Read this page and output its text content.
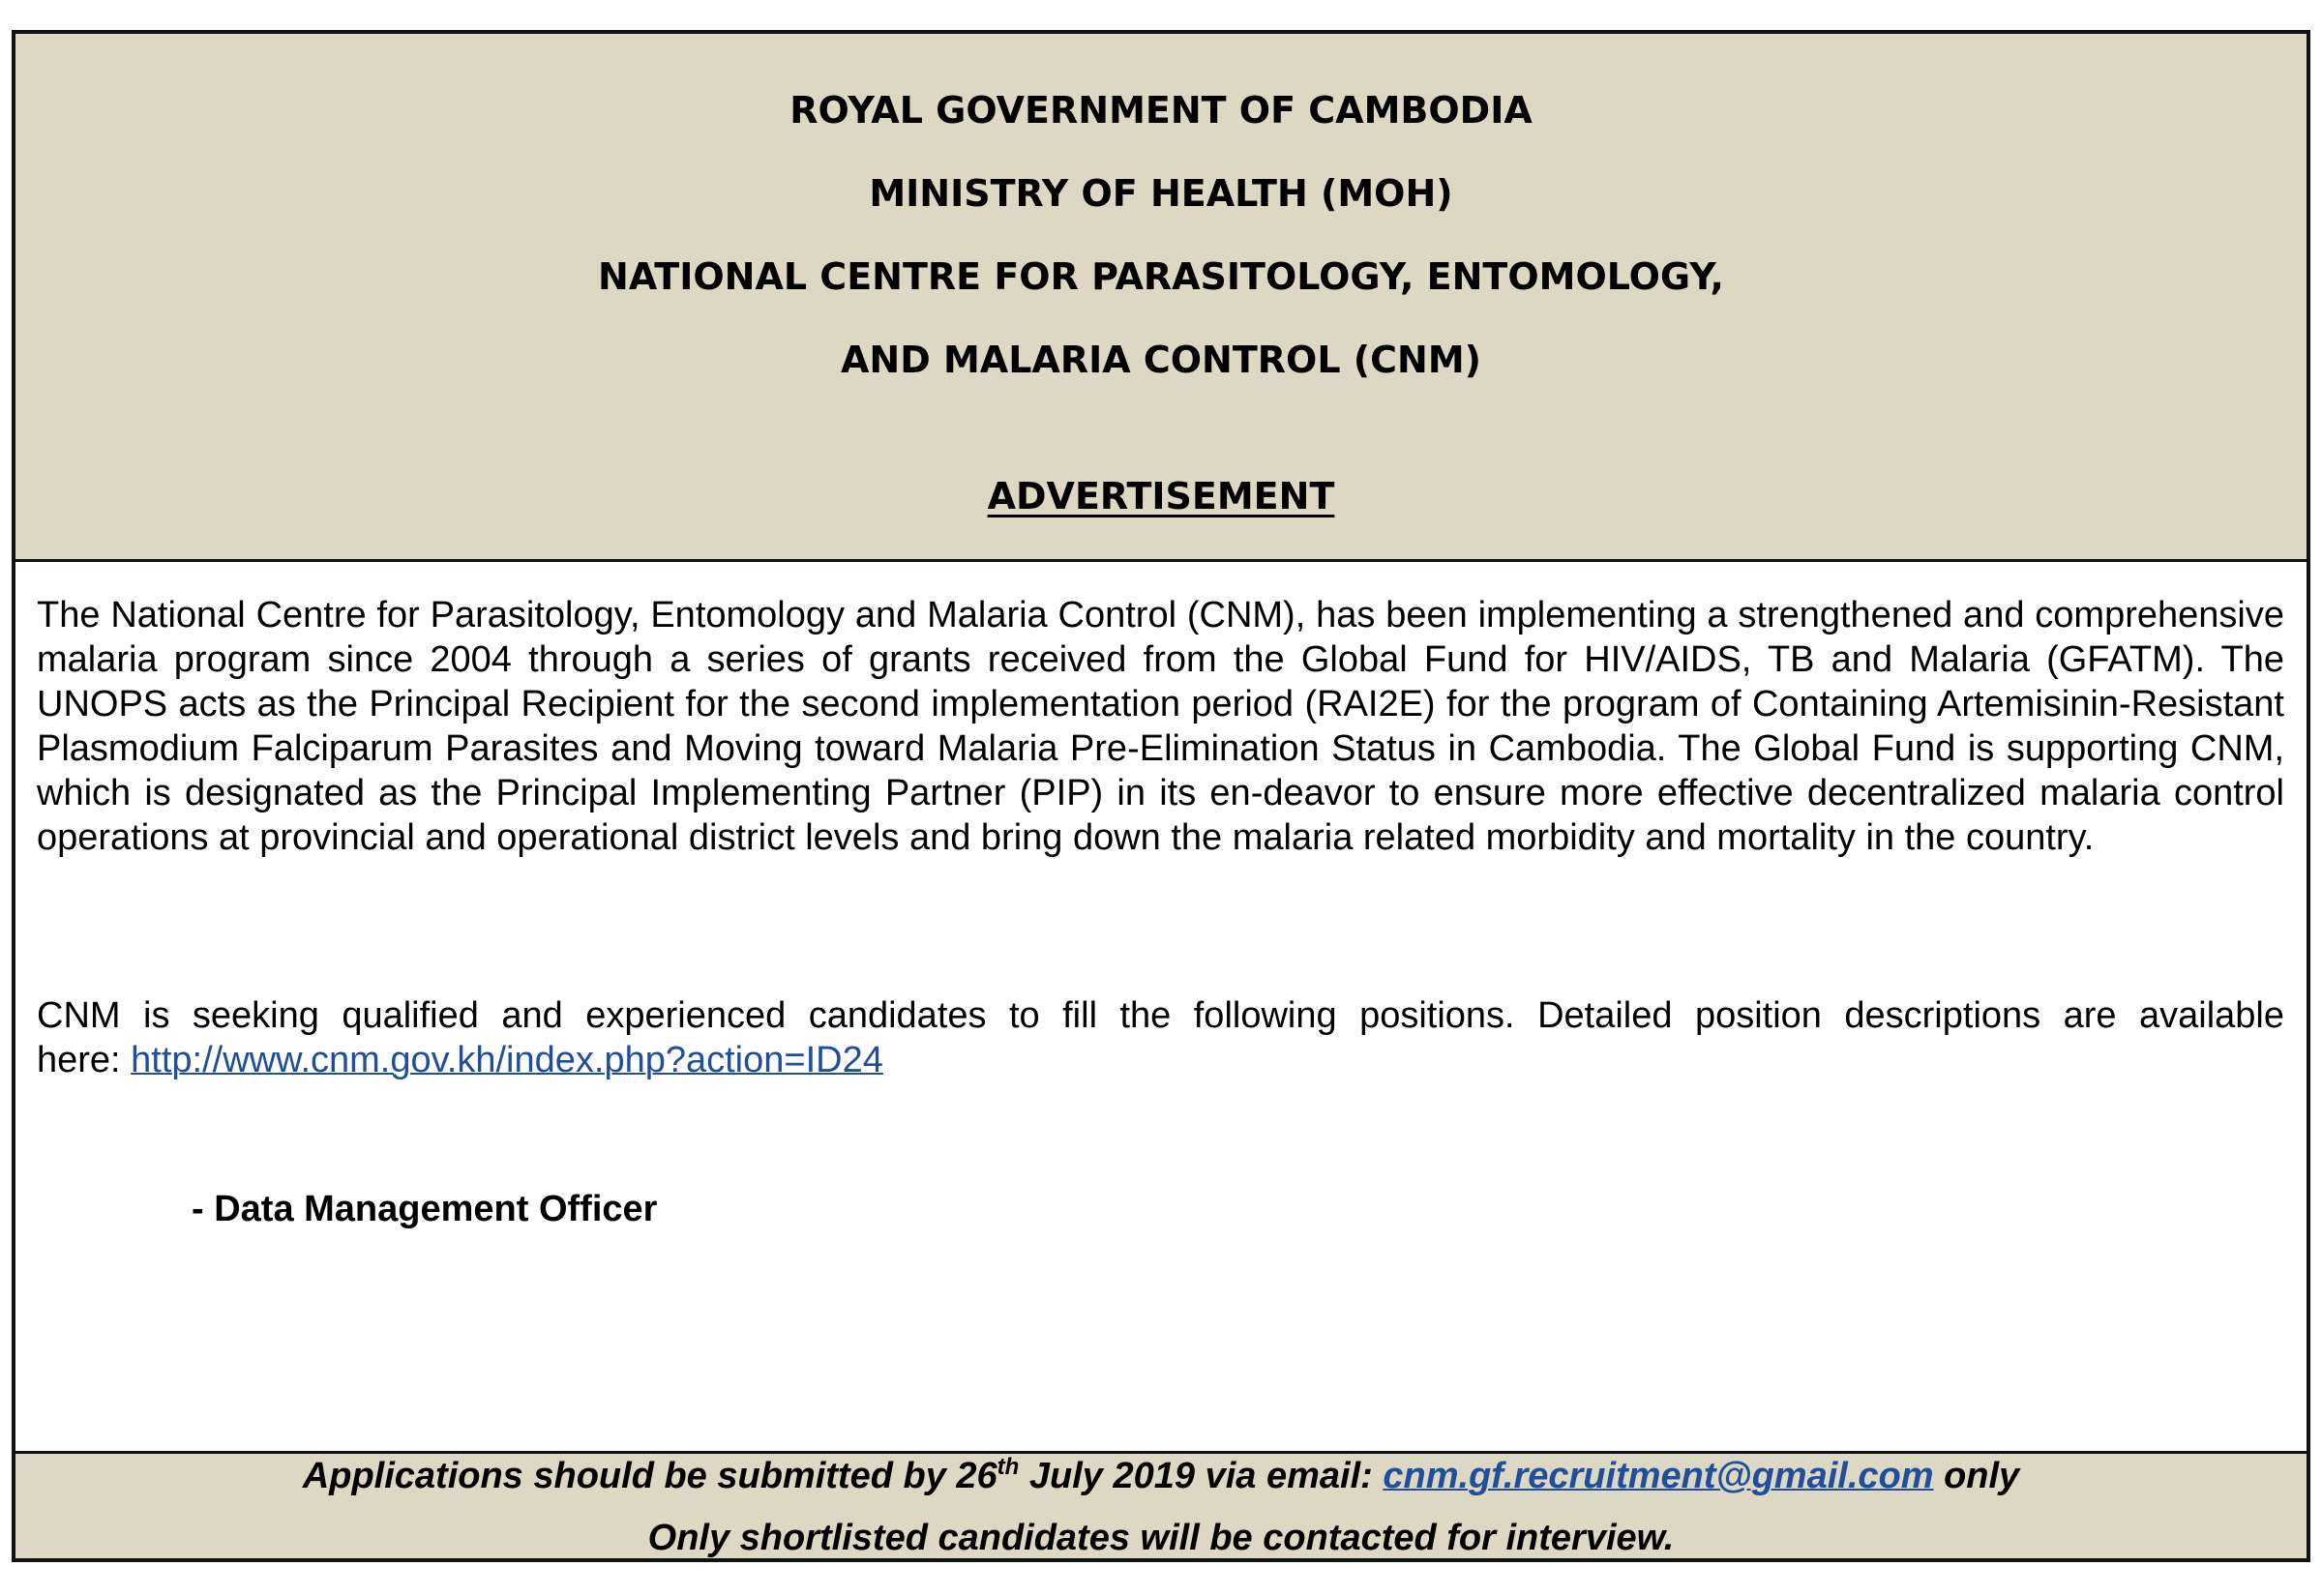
ROYAL GOVERNMENT OF CAMBODIA
MINISTRY OF HEALTH (MOH)
NATIONAL CENTRE FOR PARASITOLOGY, ENTOMOLOGY,
AND MALARIA CONTROL (CNM)
ADVERTISEMENT

The National Centre for Parasitology, Entomology and Malaria Control (CNM), has been implementing a strengthened and comprehensive malaria program since 2004 through a series of grants received from the Global Fund for HIV/AIDS, TB and Malaria (GFATM). The UNOPS acts as the Principal Recipient for the second implementation period (RAI2E) for the program of Containing Artemisinin-Resistant Plasmodium Falciparum Parasites and Moving toward Malaria Pre-Elimination Status in Cambodia. The Global Fund is supporting CNM, which is designated as the Principal Implementing Partner (PIP) in its en-deavor to ensure more effective decentralized malaria control operations at provincial and operational district levels and bring down the malaria related morbidity and mortality in the country.

CNM is seeking qualified and experienced candidates to fill the following positions. Detailed position descriptions are available
here: http://www.cnm.gov.kh/index.php?action=ID24

- Data Management Officer
Applications should be submitted by 26th July 2019 via email: cnm.gf.recruitment@gmail.com only
Only shortlisted candidates will be contacted for interview.
